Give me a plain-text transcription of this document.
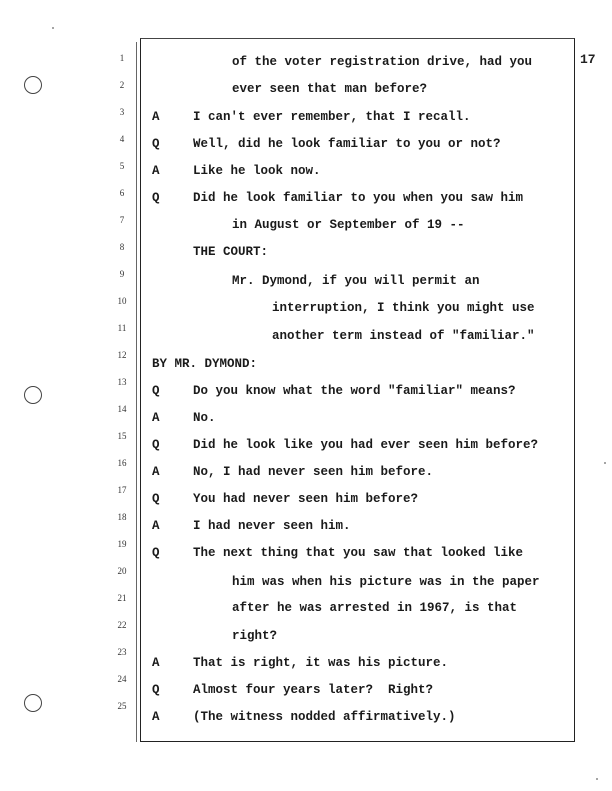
17
1
2
3
4
5
6
7
8
9
10
11
12
13
14
15
16
17
18
19
20
21
22
23
24
25
A
Q
A
Q
Q
A
Q
A
Q
A
Q
A
Q
A
of the voter registration drive, had you
ever seen that man before?
I can't ever remember, that I recall.
Well, did he look familiar to you or not?
Like he look now.
Did he look familiar to you when you saw him
in August or September of 19 --
THE COURT:
Mr. Dymond, if you will permit an
interruption, I think you might use
another term instead of "familiar."
BY MR. DYMOND:
Do you know what the word "familiar" means?
No.
Did he look like you had ever seen him before?
No, I had never seen him before.
You had never seen him before?
I had never seen him.
The next thing that you saw that looked like
him was when his picture was in the paper
after he was arrested in 1967, is that
right?
That is right, it was his picture.
Almost four years later?  Right?
(The witness nodded affirmatively.)
